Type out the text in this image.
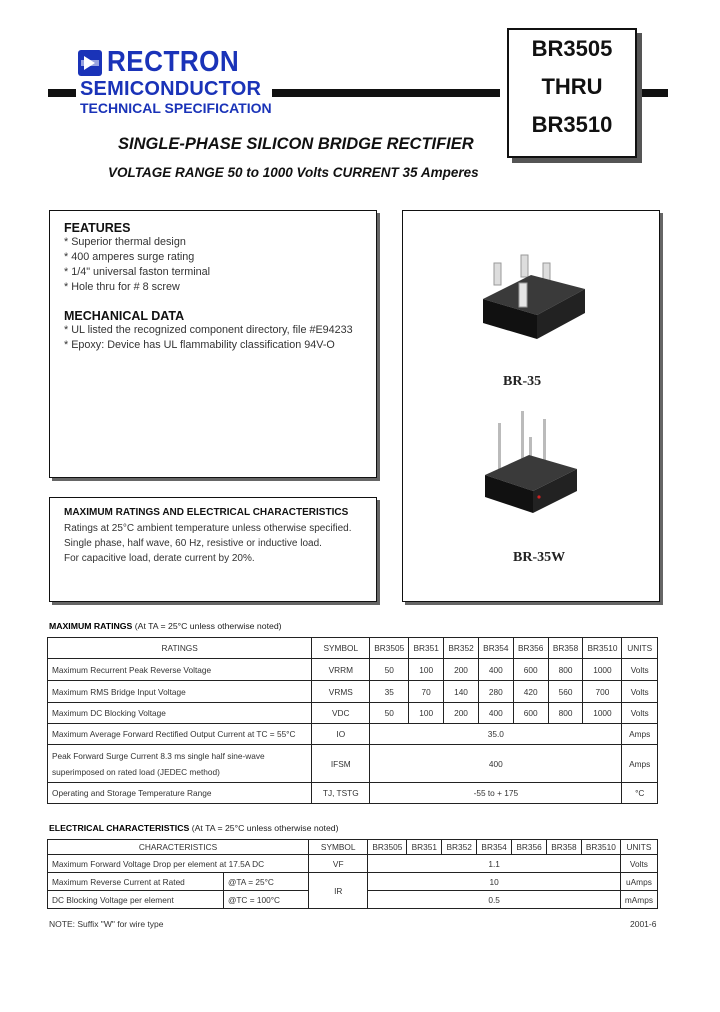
RECTRON
SEMICONDUCTOR
TECHNICAL SPECIFICATION
BR3505
THRU
BR3510
SINGLE-PHASE SILICON BRIDGE RECTIFIER
VOLTAGE RANGE 50 to 1000 Volts CURRENT 35 Amperes
FEATURES
* Superior thermal design
* 400 amperes surge rating
* 1/4" universal faston terminal
* Hole thru for # 8 screw
MECHANICAL DATA
* UL listed the recognized component directory, file #E94233
* Epoxy: Device has UL flammability classification 94V-O
BR-35
BR-35W
MAXIMUM RATINGS AND ELECTRICAL CHARACTERISTICS
Ratings at 25°C ambient temperature unless otherwise specified.
Single phase, half wave, 60 Hz, resistive or inductive load.
For capacitive load, derate current by 20%.
MAXIMUM RATINGS (At TA = 25°C unless otherwise noted)
RATINGS	SYMBOL	BR3505	BR351	BR352	BR354	BR356	BR358	BR3510	UNITS
Maximum Recurrent Peak Reverse Voltage	VRRM	50	100	200	400	600	800	1000	Volts
Maximum RMS Bridge Input Voltage	VRMS	35	70	140	280	420	560	700	Volts
Maximum DC Blocking Voltage	VDC	50	100	200	400	600	800	1000	Volts
Maximum Average Forward Rectified Output Current at TC = 55°C	IO	35.0							Amps

Peak Forward Surge Current 8.3 ms single half sine-wave
superimposed on rated load (JEDEC method)	IFSM	400							Amps
Operating and Storage Temperature Range	TJ, TSTG	-55 to + 175							°C
ELECTRICAL CHARACTERISTICS (At TA = 25°C unless otherwise noted)
CHARACTERISTICS		SYMBOL	BR3505	BR351	BR352	BR354	BR356	BR358	BR3510	UNITS
Maximum Forward Voltage Drop per element at 17.5A DC		VF	1.1							Volts
Maximum Reverse Current at Rated	@TA = 25°C	IR	10							uAmps
DC Blocking Voltage per element	@TC = 100°C		0.5							mAmps
NOTE: Suffix "W" for wire type	2001-6
